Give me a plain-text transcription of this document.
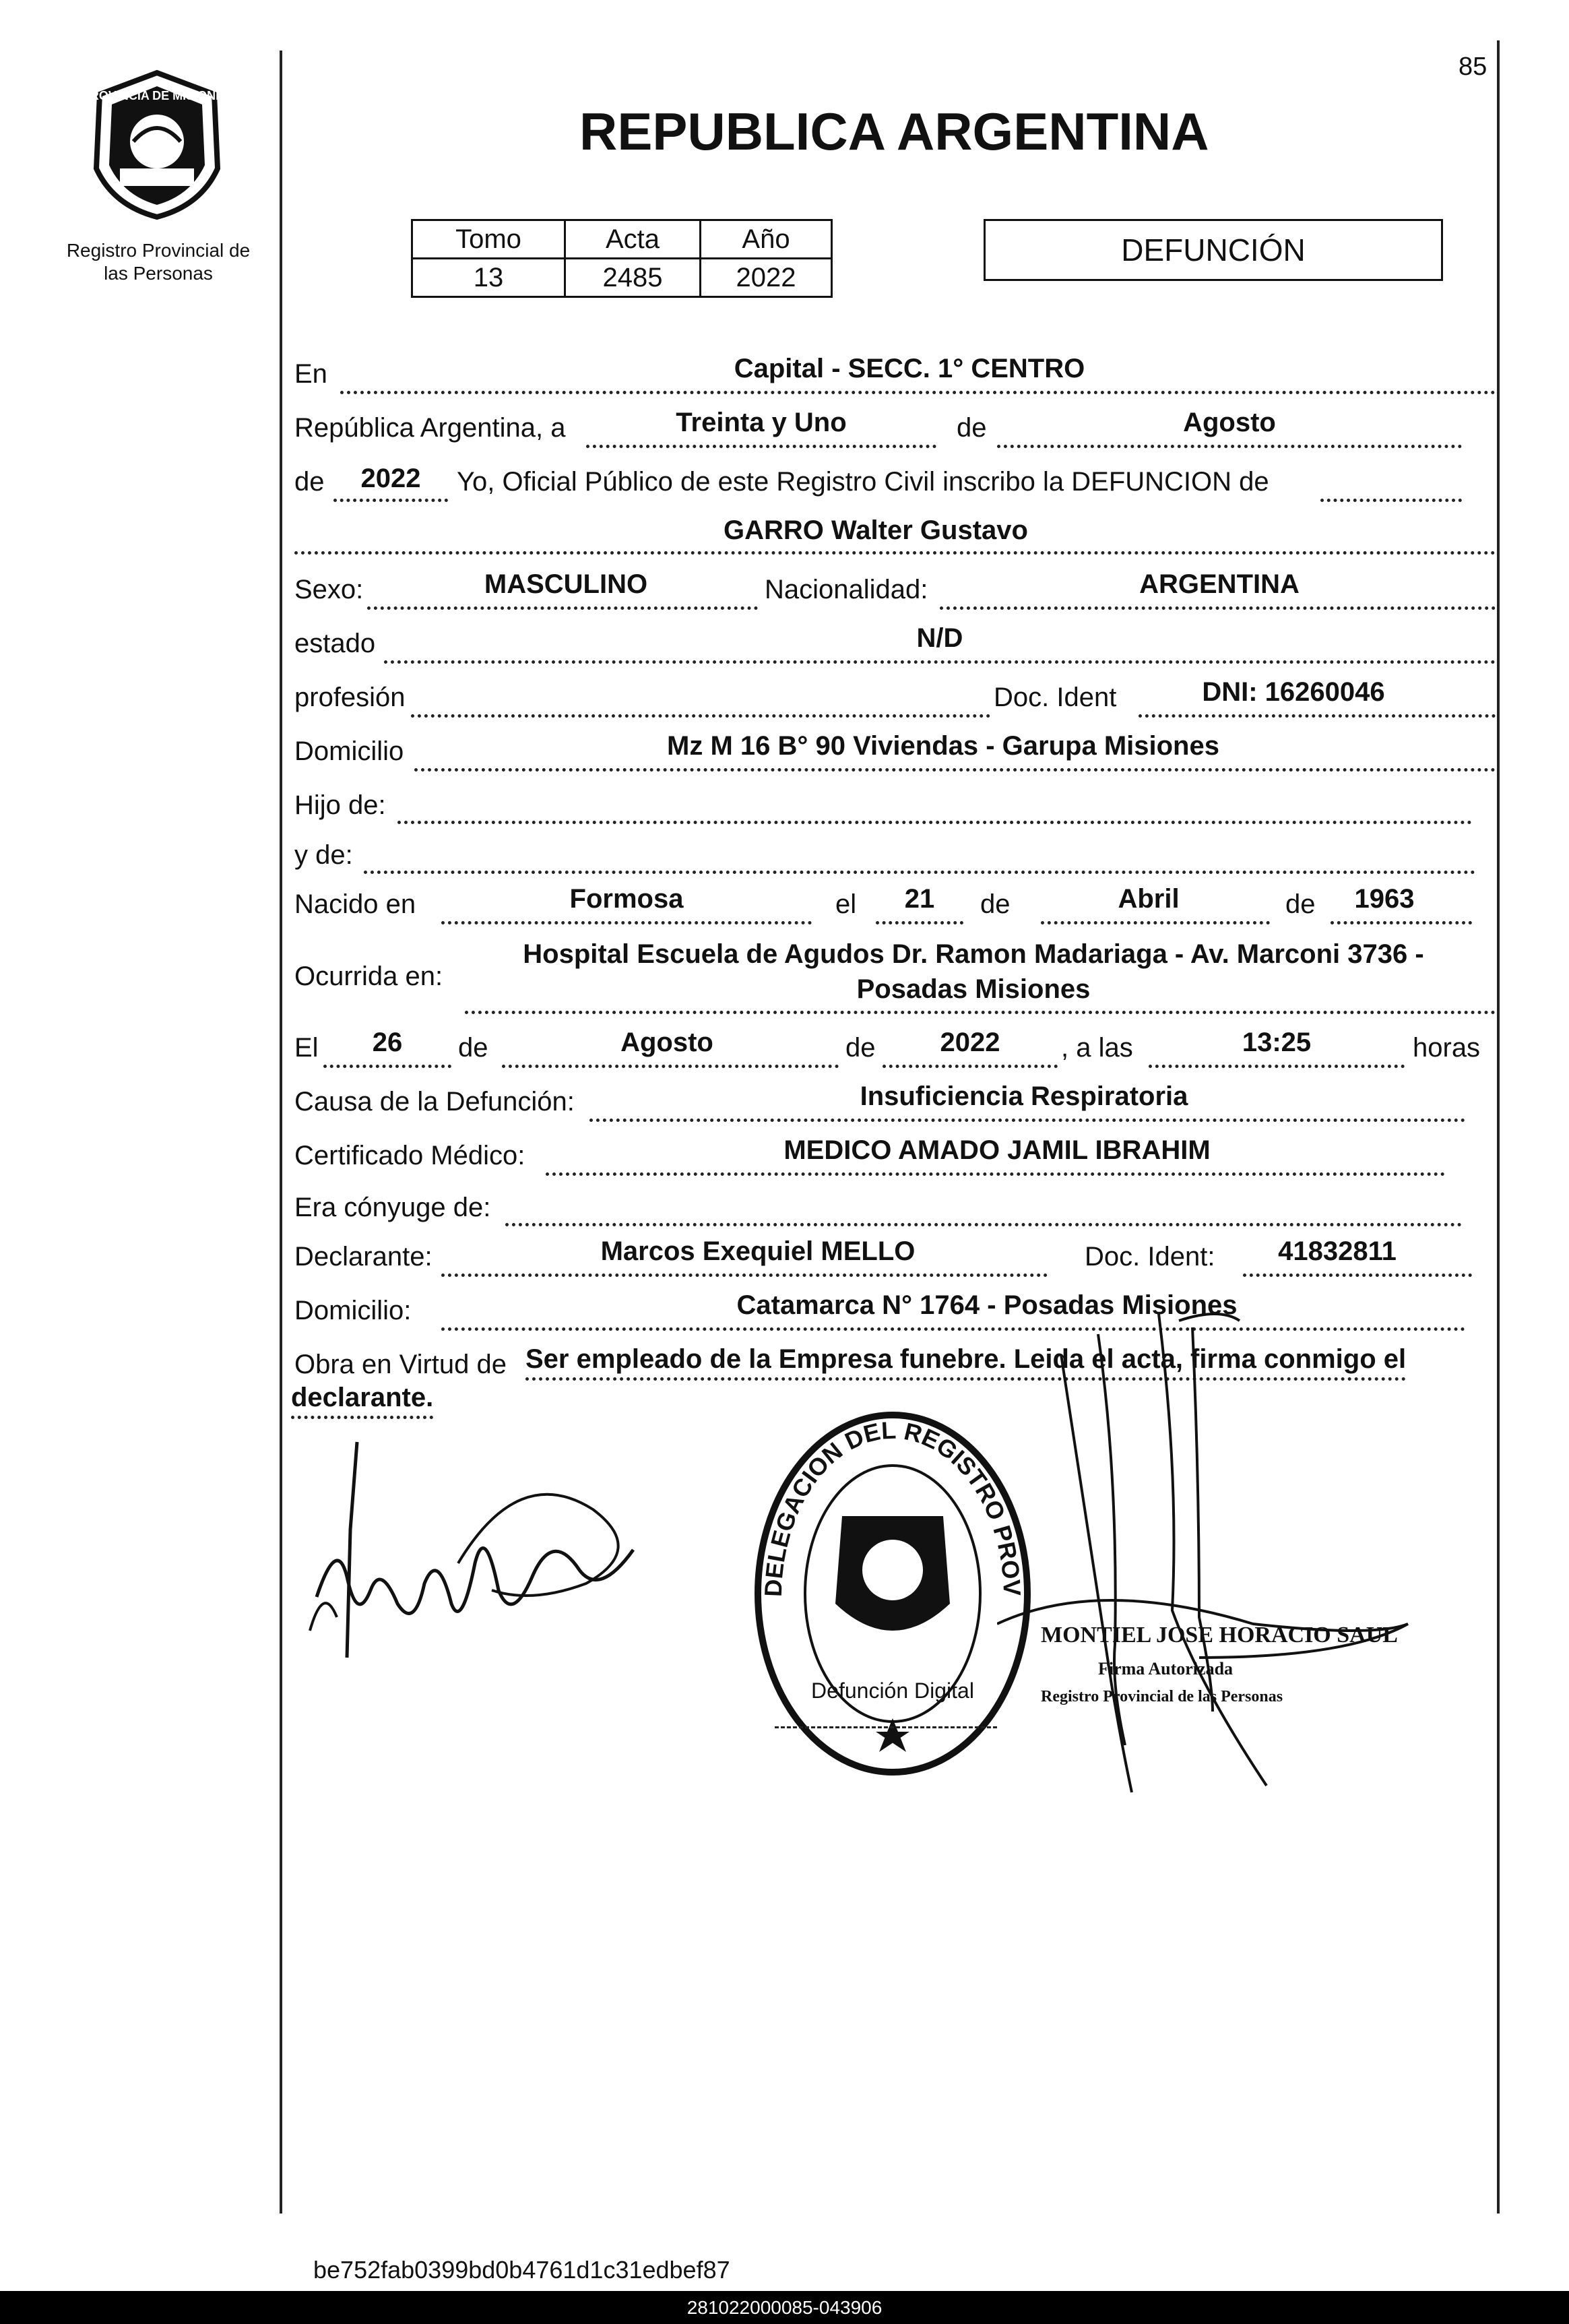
PROVINCIA DE MISIONES
Registro Provincial de
las Personas
85
REPUBLICA ARGENTINA
Tomo	Acta	Año
13	2485	2022
DEFUNCIÓN
En	Capital - SECC. 1° CENTRO
República Argentina, a	Treinta y Uno	de	Agosto
de	2022	Yo, Oficial Público de este Registro Civil inscribo la DEFUNCION de
GARRO Walter Gustavo
Sexo:	MASCULINO	Nacionalidad:	ARGENTINA
estado	N/D
profesión	Doc. Ident	DNI: 16260046
Domicilio	Mz M 16 B° 90 Viviendas - Garupa Misiones
Hijo de:
y de:
Nacido en	Formosa	el	21	de	Abril	de	1963
Ocurrida en:
Hospital Escuela de Agudos Dr. Ramon Madariaga - Av. Marconi 3736 -
Posadas Misiones
El	26	de	Agosto	de	2022	, a las	13:25	horas
Causa de la Defunción:	Insuficiencia Respiratoria
Certificado Médico:	MEDICO AMADO JAMIL IBRAHIM
Era cónyuge de:
Declarante:	Marcos Exequiel MELLO	Doc. Ident:	41832811
Domicilio:	Catamarca N° 1764 - Posadas Misiones
Obra en Virtud de Ser empleado de la Empresa funebre. Leida el acta, firma conmigo el
declarante.
DELEGACION DEL REGISTRO PROV
Defunción Digital
MONTIEL JOSE HORACIO SAUL
Firma Autorizada
Registro Provincial de las Personas
be752fab0399bd0b4761d1c31edbef87
281022000085-043906
